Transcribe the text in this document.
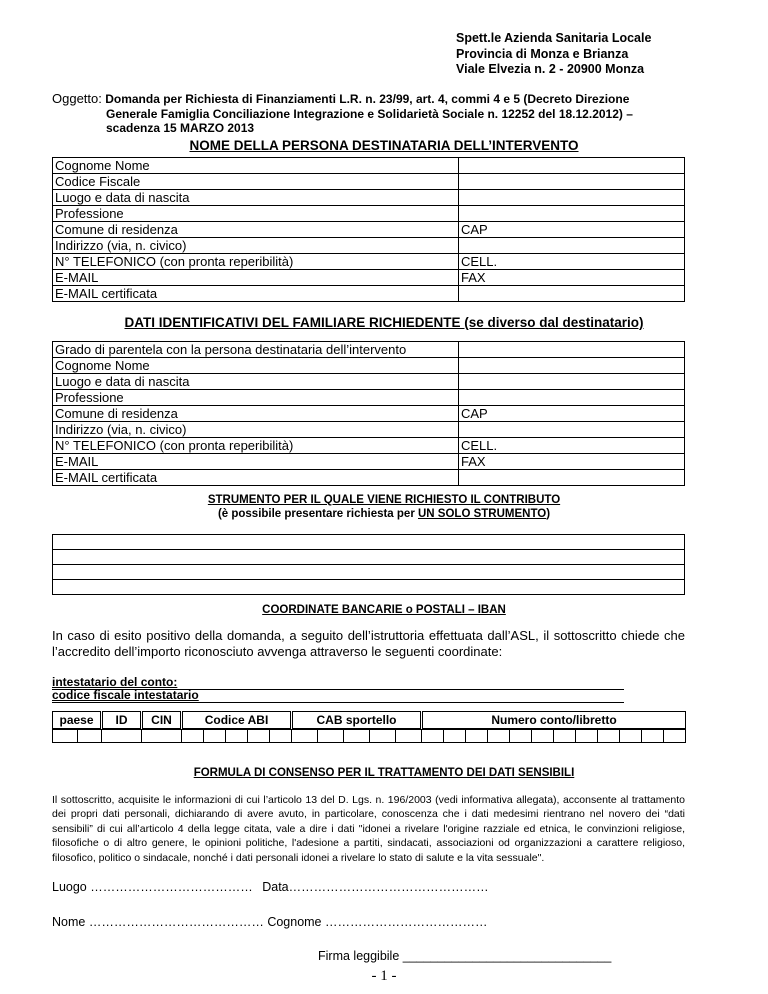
Spett.le Azienda Sanitaria Locale
Provincia di Monza e Brianza
Viale Elvezia n. 2 - 20900 Monza
Oggetto: Domanda per Richiesta di Finanziamenti L.R. n. 23/99, art. 4, commi 4 e 5 (Decreto Direzione
Generale Famiglia Conciliazione Integrazione e Solidarietà Sociale n. 12252 del 18.12.2012) –
scadenza 15 MARZO 2013
NOME DELLA PERSONA DESTINATARIA DELL’INTERVENTO
Cognome Nome	
Codice Fiscale	
Luogo e data di nascita	
Professione	
Comune di residenza	CAP
Indirizzo (via, n. civico)	
N° TELEFONICO (con pronta reperibilità)	CELL.
E-MAIL	FAX
E-MAIL certificata	
DATI IDENTIFICATIVI DEL FAMILIARE RICHIEDENTE (se diverso dal destinatario)
Grado di parentela con la persona destinataria dell’intervento	
Cognome Nome	
Luogo e data di nascita	
Professione	
Comune di residenza	CAP
Indirizzo (via, n. civico)	
N° TELEFONICO (con pronta reperibilità)	CELL.
E-MAIL	FAX
E-MAIL certificata	
STRUMENTO PER IL QUALE VIENE RICHIESTO IL CONTRIBUTO
(è possibile presentare richiesta per UN SOLO STRUMENTO)

COORDINATE BANCARIE o POSTALI – IBAN
In caso di esito positivo della domanda, a seguito dell’istruttoria effettuata dall’ASL, il sottoscritto chiede che l’accredito dell’importo riconosciuto avvenga attraverso le seguenti coordinate:
intestatario del conto:
codice fiscale intestatario
paese	ID	CIN	Codice ABI	CAB sportello	Numero conto/libretto
FORMULA DI CONSENSO PER IL TRATTAMENTO DEI DATI SENSIBILI
Il sottoscritto, acquisite le informazioni di cui l’articolo 13 del D. Lgs. n. 196/2003 (vedi informativa allegata), acconsente al trattamento dei propri dati personali, dichiarando di avere avuto, in particolare, conoscenza che i dati medesimi rientrano nel novero dei “dati sensibili” di cui all’articolo 4 della legge citata, vale a dire i dati "idonei a rivelare l'origine razziale ed etnica, le convinzioni religiose, filosofiche o di altro genere, le opinioni politiche, l'adesione a partiti, sindacati, associazioni od organizzazioni a carattere religioso, filosofico, politico o sindacale, nonché i dati personali idonei a rivelare lo stato di salute e la vita sessuale".
Luogo ………………………………… Data…………………………………………
Nome …………………………………… Cognome …………………………………
Firma leggibile ______________________________
- 1 -
